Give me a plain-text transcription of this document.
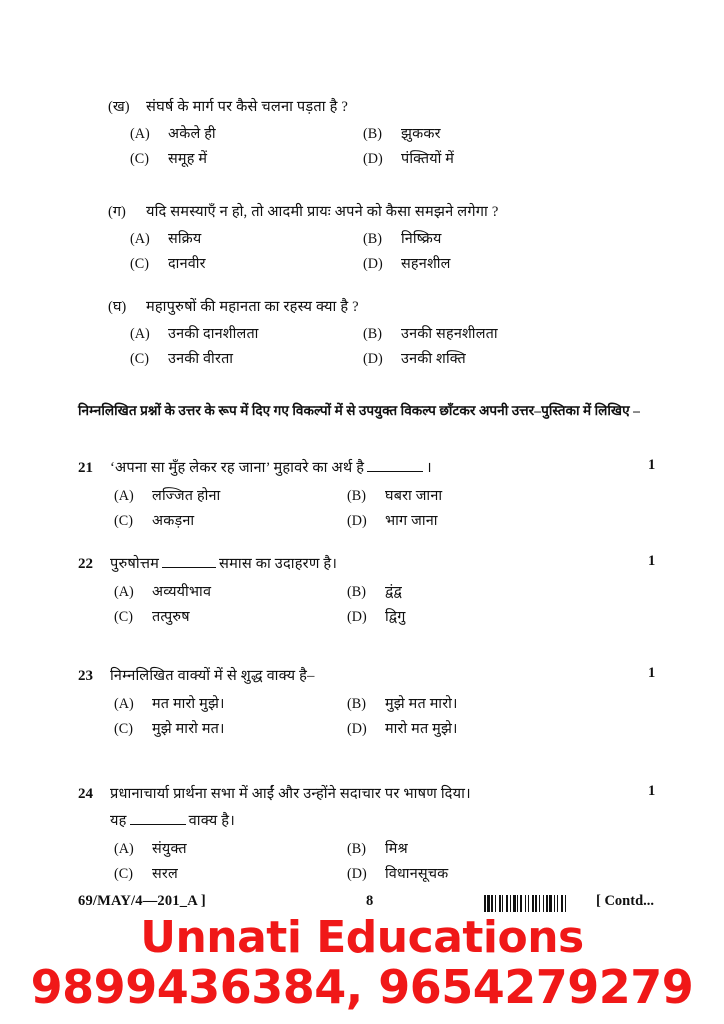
(ख)	संघर्ष के मार्ग पर कैसे चलना पड़ता है ?
(A)	अकेले ही	(B)	झुककर
(C)	समूह में	(D)	पंक्तियों में
(ग)	यदि समस्याएँ न हो, तो आदमी प्रायः अपने को कैसा समझने लगेगा ?
(A)	सक्रिय	(B)	निष्क्रिय
(C)	दानवीर	(D)	सहनशील
(घ)	महापुरुषों की महानता का रहस्य क्या है ?
(A)	उनकी दानशीलता	(B)	उनकी सहनशीलता
(C)	उनकी वीरता	(D)	उनकी शक्ति
निम्नलिखित प्रश्नों के उत्तर के रूप में दिए गए विकल्पों में से उपयुक्त विकल्प छाँटकर अपनी उत्तर–पुस्तिका में लिखिए –
21	‘अपना सा मुँह लेकर रह जाना’ मुहावरे का अर्थ है	।	1
(A)	लज्जित होना	(B)	घबरा जाना
(C)	अकड़ना	(D)	भाग जाना
22	पुरुषोत्तम	समास का उदाहरण है।	1
(A)	अव्ययीभाव	(B)	द्वंद्व
(C)	तत्पुरुष	(D)	द्विगु
23	निम्नलिखित वाक्यों में से शुद्ध वाक्य है–	1
(A)	मत मारो मुझे।	(B)	मुझे मत मारो।
(C)	मुझे मारो मत।	(D)	मारो मत मुझे।
24	प्रधानाचार्या प्रार्थना सभा में आईं और उन्होंने सदाचार पर भाषण दिया।	1
यह	वाक्य है।
(A)	संयुक्त	(B)	मिश्र
(C)	सरल	(D)	विधानसूचक
69/MAY/4—201_A ]	8	[ Contd...
Unnati Educations
9899436384, 9654279279
